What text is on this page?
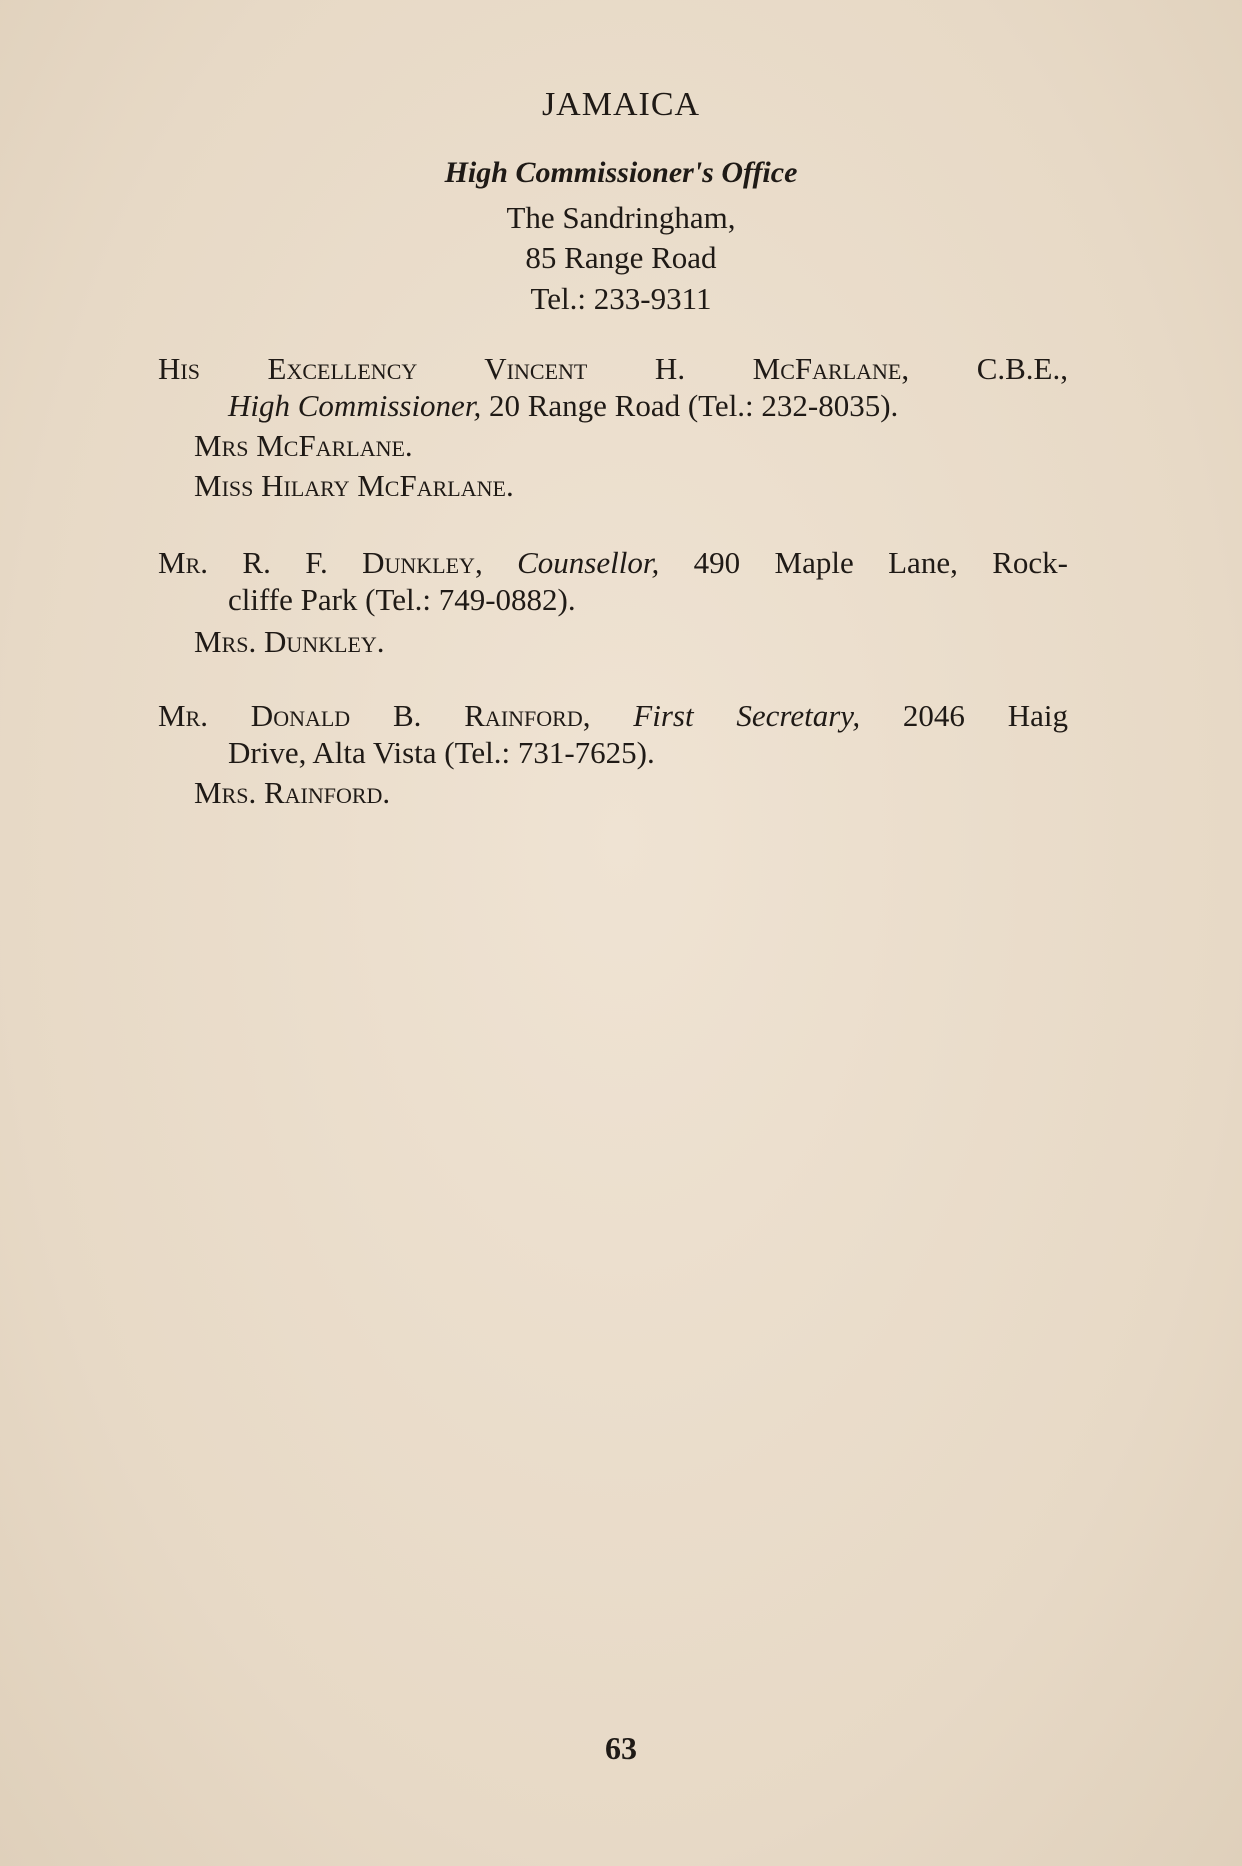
JAMAICA
High Commissioner's Office
The Sandringham,
85 Range Road
Tel.: 233-9311
His Excellency Vincent H. McFarlane, C.B.E.,
High Commissioner, 20 Range Road (Tel.: 232-8035).
Mrs McFarlane.
Miss Hilary McFarlane.
Mr. R. F. Dunkley, Counsellor, 490 Maple Lane, Rock-
cliffe Park (Tel.: 749-0882).
Mrs. Dunkley.
Mr. Donald B. Rainford, First Secretary, 2046 Haig
Drive, Alta Vista (Tel.: 731-7625).
Mrs. Rainford.
63
